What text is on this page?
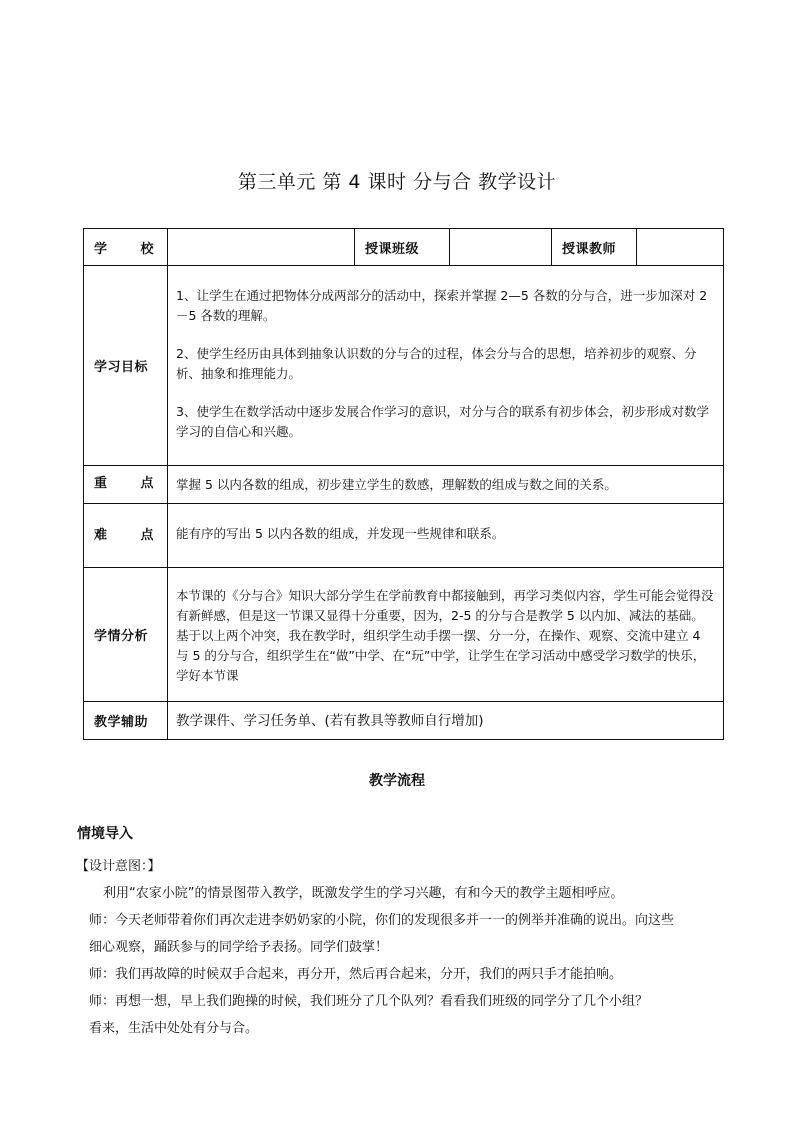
第三单元 第 4 课时 分与合 教学设计
学 校		授课班级		授课教师	
学习目标	1、让学生在通过把物体分成两部分的活动中，探索并掌握 2—5 各数的分与合，进一步加深对 2－5 各数的理解。

2、使学生经历由具体到抽象认识数的分与合的过程，体会分与合的思想，培养初步的观察、分析、抽象和推理能力。

3、使学生在数学活动中逐步发展合作学习的意识，对分与合的联系有初步体会，初步形成对数学学习的自信心和兴趣。				

重 点	掌握 5 以内各数的组成，初步建立学生的数感，理解数的组成与数之间的关系。				

难 点	能有序的写出 5 以内各数的组成，并发现一些规律和联系。				

学情分析	本节课的《分与合》知识大部分学生在学前教育中都接触到，再学习类似内容，学生可能会觉得没有新鲜感，但是这一节课又显得十分重要，因为，2-5 的分与合是教学 5 以内加、减法的基础。基于以上两个冲突，我在教学时，组织学生动手摆一摆、分一分，在操作、观察、交流中建立 4 与 5 的分与合，组织学生在“做”中学、在“玩”中学，让学生在学习活动中感受学习数学的快乐，学好本节课				

教学辅助	教学课件、学习任务单、(若有教具等教师自行增加)				
教学流程
情境导入
【设计意图：】
利用“农家小院”的情景图带入教学，既激发学生的学习兴趣，有和今天的教学主题相呼应。
师：今天老师带着你们再次走进李奶奶家的小院，你们的发现很多并一一的例举并准确的说出。向这些
细心观察，踊跃参与的同学给予表扬。同学们鼓掌！
师：我们再故障的时候双手合起来，再分开，然后再合起来，分开，我们的两只手才能拍响。
师：再想一想，早上我们跑操的时候，我们班分了几个队列？看看我们班级的同学分了几个小组？
看来，生活中处处有分与合。
